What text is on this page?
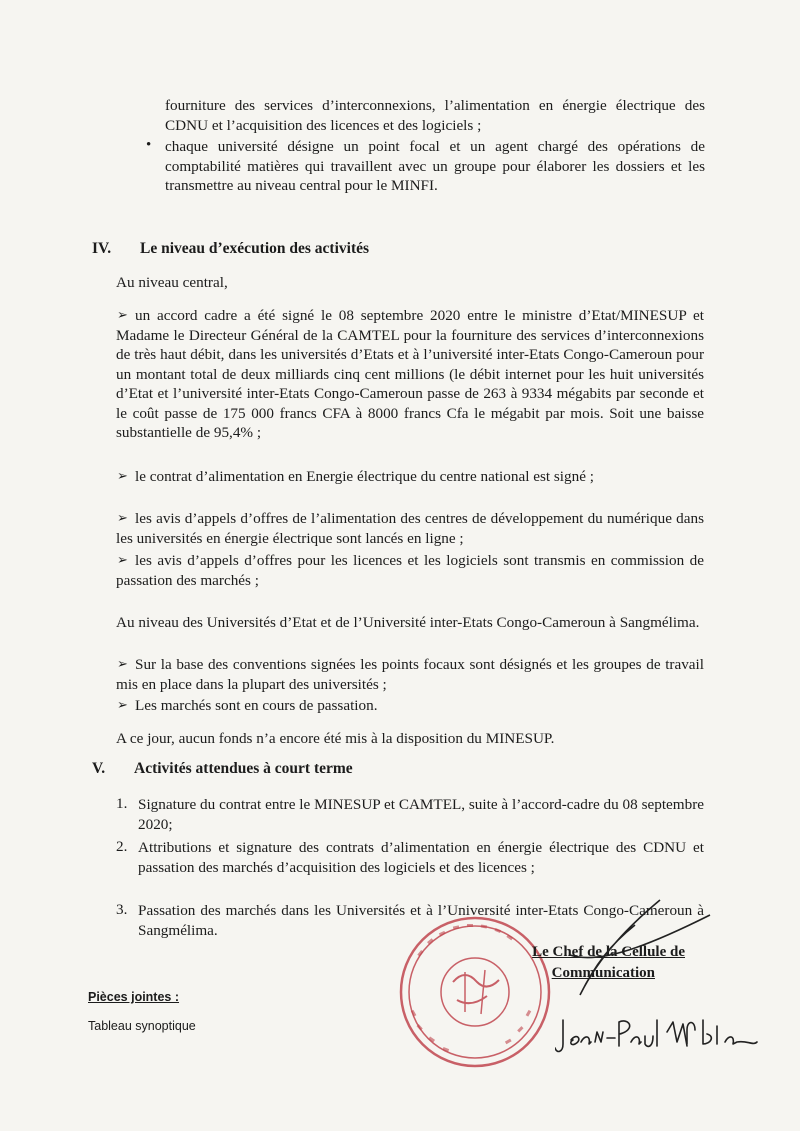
fourniture des services d’interconnexions, l’alimentation en énergie électrique des CDNU et l’acquisition des licences et des logiciels ;
• chaque université désigne un point focal et un agent chargé des opérations de comptabilité matières qui travaillent avec un groupe pour élaborer les dossiers et les transmettre au niveau central pour le MINFI.
IV. Le niveau d’exécution des activités
Au niveau central,
➢ un accord cadre a été signé le 08 septembre 2020 entre le ministre d’Etat/MINESUP et Madame le Directeur Général de la CAMTEL pour la fourniture des services d’interconnexions de très haut débit, dans les universités d’Etats et à l’université inter-Etats Congo-Cameroun pour un montant total de deux milliards cinq cent millions (le débit internet pour les huit universités d’Etat et l’université inter-Etats Congo-Cameroun passe de 263 à 9334 mégabits par seconde et le coût passe de 175 000 francs CFA à 8000 francs Cfa le mégabit par mois. Soit une baisse substantielle de 95,4% ;
➢ le contrat d’alimentation en Energie électrique du centre national est signé ;
➢ les avis d’appels d’offres de l’alimentation des centres de développement du numérique dans les universités en énergie électrique sont lancés en ligne ;
➢ les avis d’appels d’offres pour les licences et les logiciels sont transmis en commission de passation des marchés ;
Au niveau des Universités d’Etat et de l’Université inter-Etats Congo-Cameroun à Sangmélima.
➢ Sur la base des conventions signées les points focaux sont désignés et les groupes de travail mis en place dans la plupart des universités ;
➢ Les marchés sont en cours de passation.
A ce jour, aucun fonds n’a encore été mis à la disposition du MINESUP.
V. Activités attendues à court terme
1. Signature du contrat entre le MINESUP et CAMTEL, suite à l’accord-cadre du 08 septembre 2020;
2. Attributions et signature des contrats d’alimentation en énergie électrique des CDNU et passation des marchés d’acquisition des logiciels et des licences ;
3. Passation des marchés dans les Universités et à l’Université inter-Etats Congo-Cameroun à Sangmélima.
Le Chef de la Cellule de
Communication
Pièces jointes :
Tableau synoptique
